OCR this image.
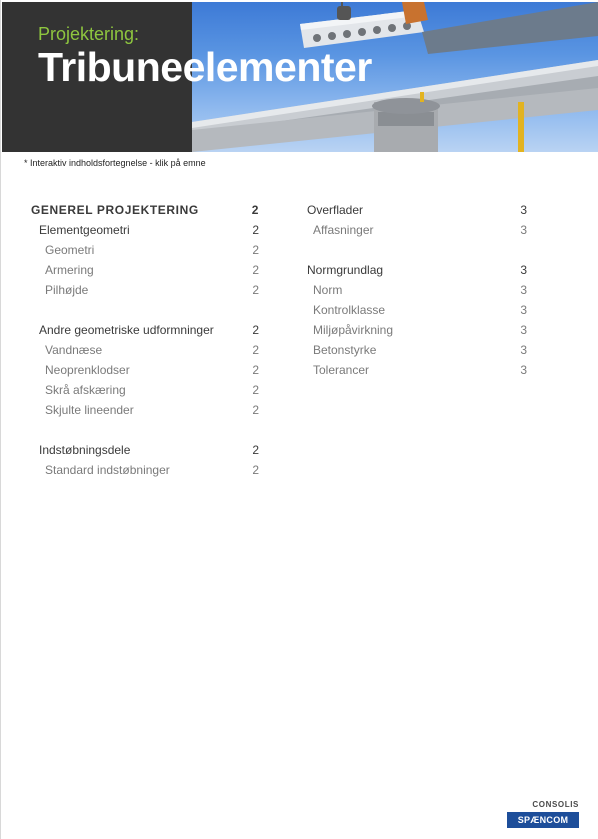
Projektering:
Tribuneelementer
* Interaktiv indholdsfortegnelse - klik på emne
GENEREL PROJEKTERING	2
Elementgeometri	2
Geometri	2
Armering	2
Pilhøjde	2
Andre geometriske udformninger	2
Vandnæse	2
Neoprenklodser	2
Skrå afskæring	2
Skjulte lineender	2
Indstøbningsdele	2
Standard indstøbninger	2
Overflader	3
Affasninger	3
Normgrundlag	3
Norm	3
Kontrolklasse	3
Miljøpåvirkning	3
Betonstyrke	3
Tolerancer	3
CONSOLIS
SPÆNCOM
